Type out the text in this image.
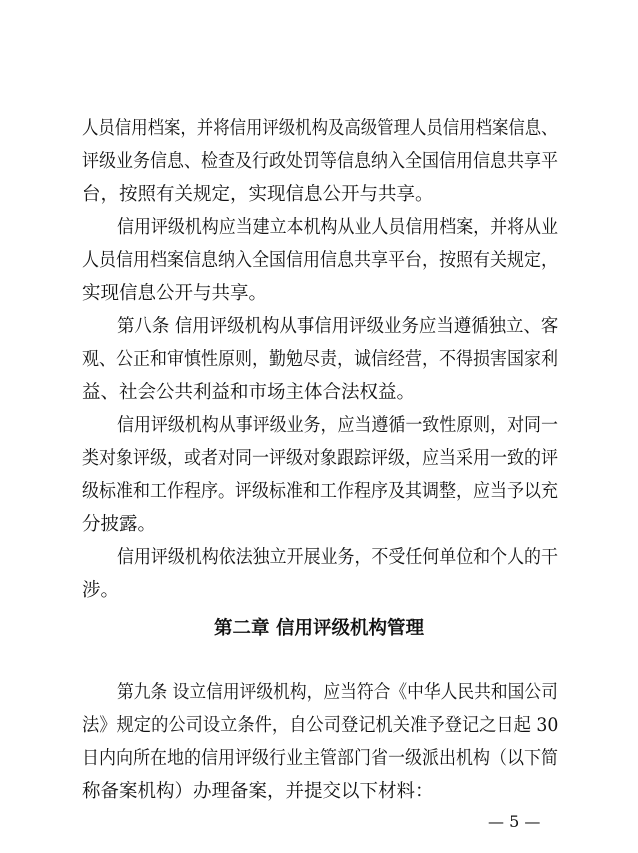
人员信用档案，并将信用评级机构及高级管理人员信用档案信息、
评级业务信息、检查及行政处罚等信息纳入全国信用信息共享平
台，按照有关规定，实现信息公开与共享。
信用评级机构应当建立本机构从业人员信用档案，并将从业
人员信用档案信息纳入全国信用信息共享平台，按照有关规定，
实现信息公开与共享。
第八条 信用评级机构从事信用评级业务应当遵循独立、客
观、公正和审慎性原则，勤勉尽责，诚信经营，不得损害国家利
益、社会公共利益和市场主体合法权益。
信用评级机构从事评级业务，应当遵循一致性原则，对同一
类对象评级，或者对同一评级对象跟踪评级，应当采用一致的评
级标准和工作程序。评级标准和工作程序及其调整，应当予以充
分披露。
信用评级机构依法独立开展业务，不受任何单位和个人的干
涉。
第二章 信用评级机构管理
第九条 设立信用评级机构，应当符合《中华人民共和国公司
法》规定的公司设立条件，自公司登记机关准予登记之日起 30
日内向所在地的信用评级行业主管部门省一级派出机构（以下简
称备案机构）办理备案，并提交以下材料：
— 5 —
